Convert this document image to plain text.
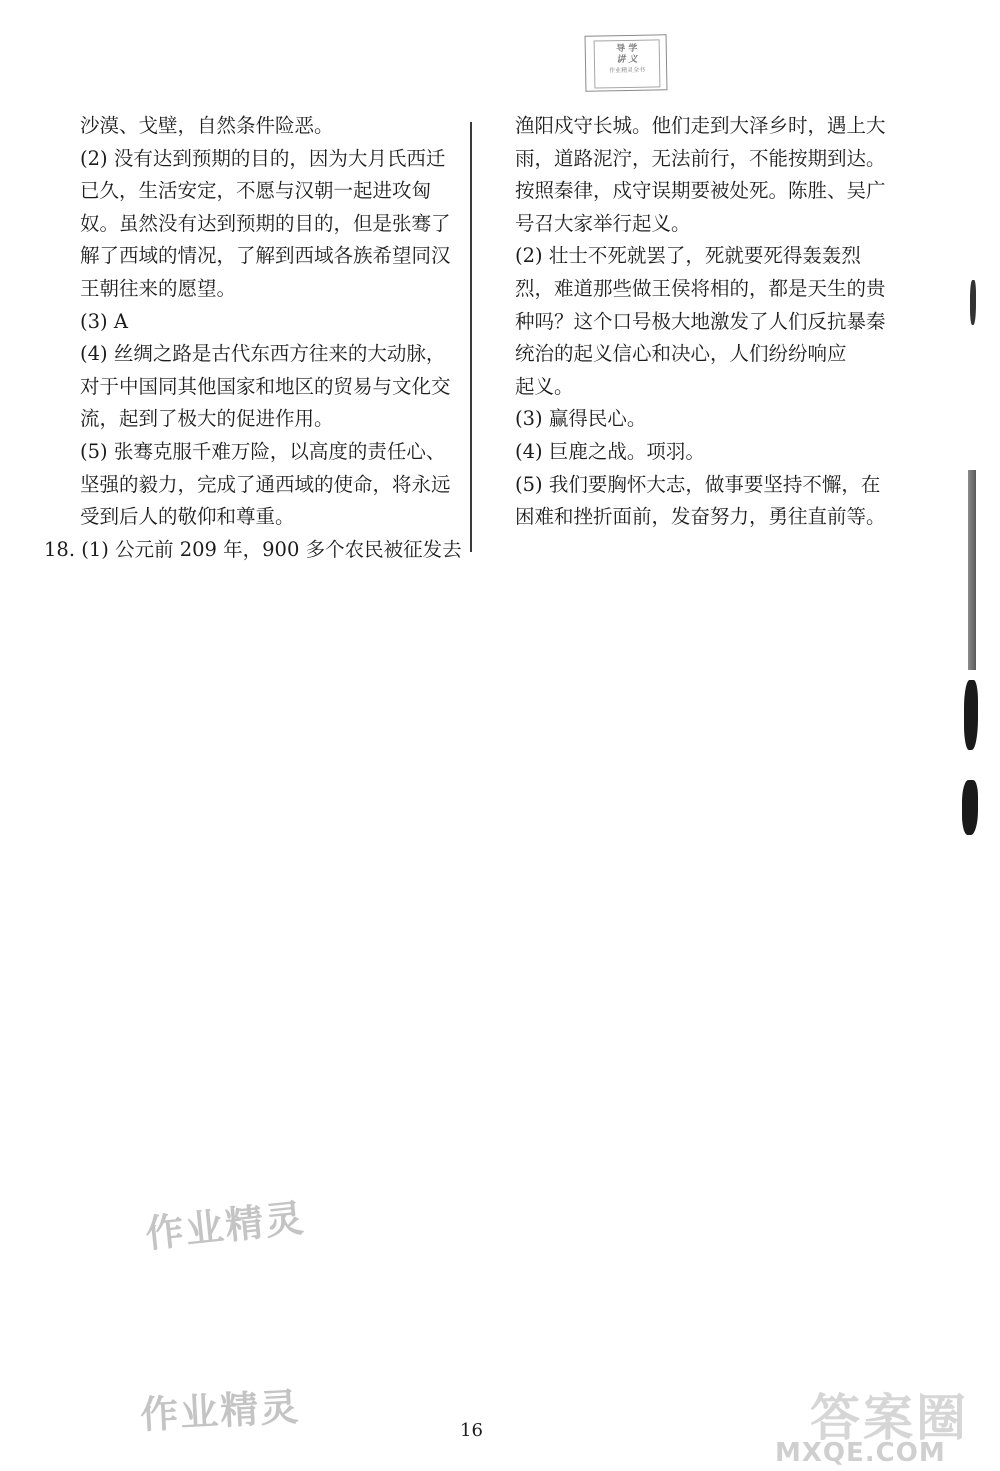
导 学
讲 义
作业精灵全书
沙漠、戈壁，自然条件险恶。
(2) 没有达到预期的目的，因为大月氏西迁
已久，生活安定，不愿与汉朝一起进攻匈
奴。虽然没有达到预期的目的，但是张骞了
解了西域的情况，了解到西域各族希望同汉
王朝往来的愿望。
(3) A
(4) 丝绸之路是古代东西方往来的大动脉，
对于中国同其他国家和地区的贸易与文化交
流，起到了极大的促进作用。
(5) 张骞克服千难万险，以高度的责任心、
坚强的毅力，完成了通西域的使命，将永远
受到后人的敬仰和尊重。
18. (1) 公元前 209 年，900 多个农民被征发去
渔阳戍守长城。他们走到大泽乡时，遇上大
雨，道路泥泞，无法前行，不能按期到达。
按照秦律，戍守误期要被处死。陈胜、吴广
号召大家举行起义。
(2) 壮士不死就罢了，死就要死得轰轰烈
烈，难道那些做王侯将相的，都是天生的贵
种吗？这个口号极大地激发了人们反抗暴秦
统治的起义信心和决心，人们纷纷响应
起义。
(3) 赢得民心。
(4) 巨鹿之战。项羽。
(5) 我们要胸怀大志，做事要坚持不懈，在
困难和挫折面前，发奋努力，勇往直前等。
作业精灵
作业精灵	16	答案圈
MXQE.COM
